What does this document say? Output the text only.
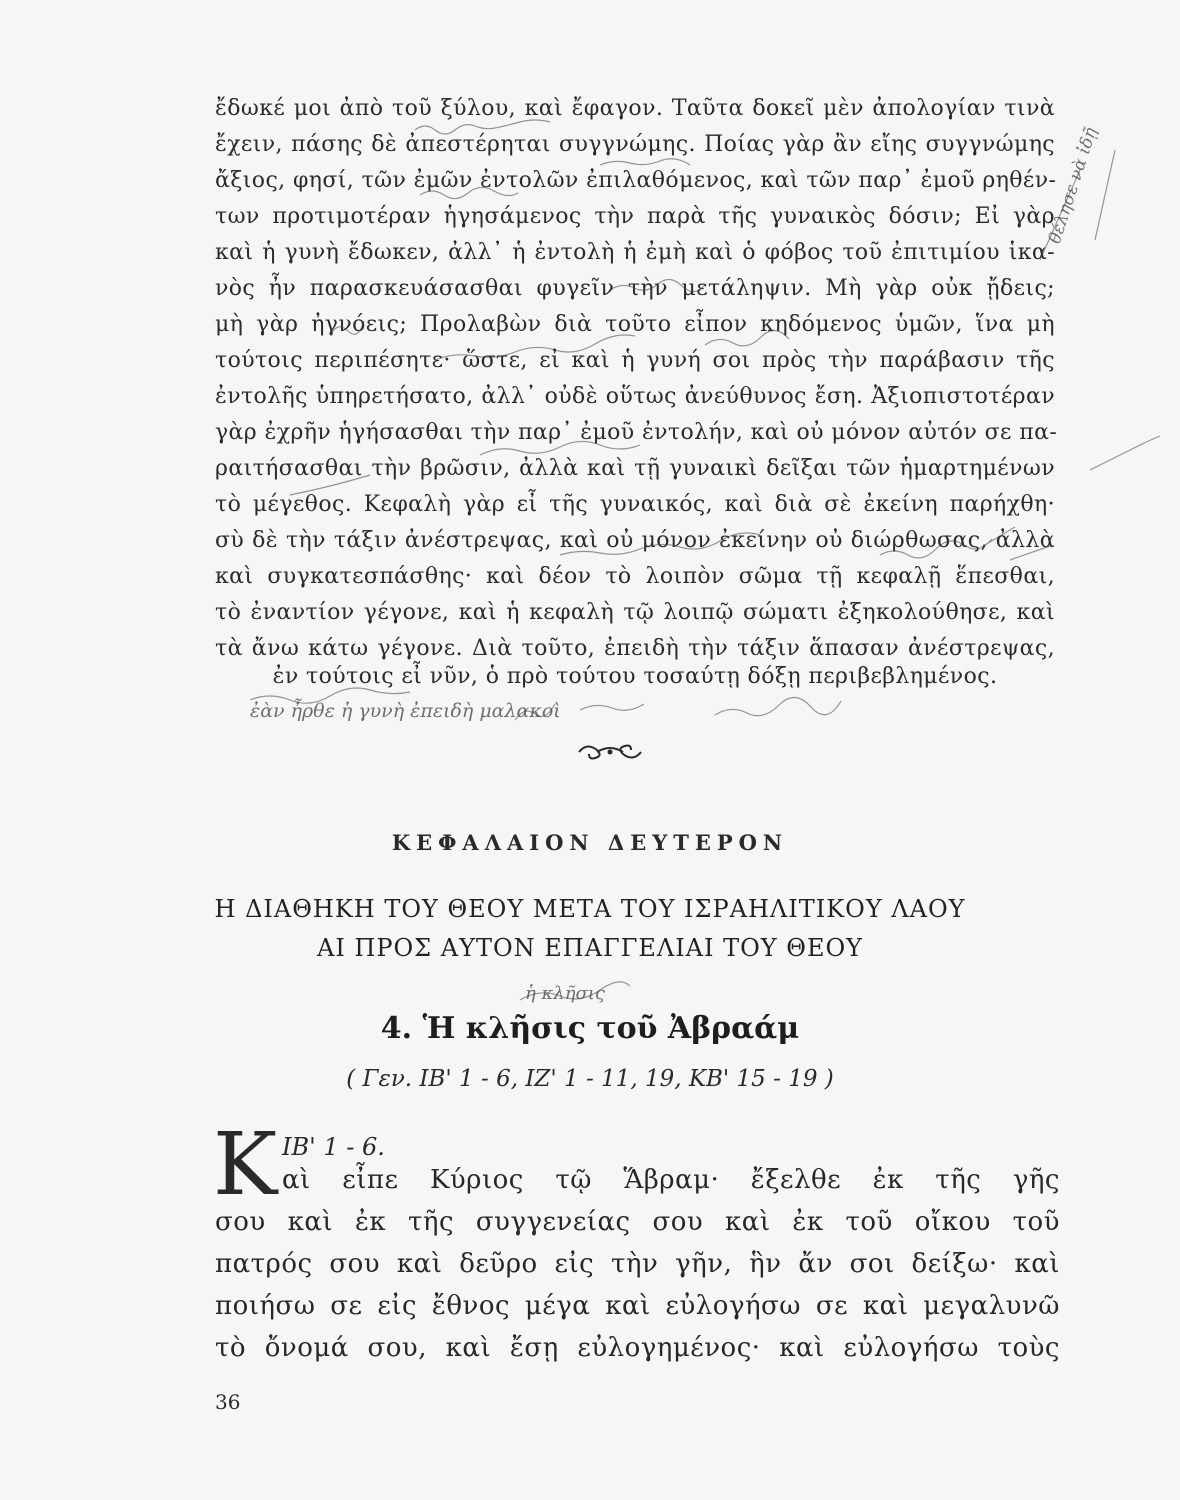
ἔδωκέ μοι ἀπὸ τοῦ ξύλου, καὶ ἔφαγον. Ταῦτα δοκεῖ μὲν ἀπολογίαν τινὰ
ἔχειν, πάσης δὲ ἀπεστέρηται συγγνώμης. Ποίας γὰρ ἂν εἴης συγγνώμης
ἄξιος, φησί, τῶν ἐμῶν ἐντολῶν ἐπιλαθόμενος, καὶ τῶν παρ᾽ ἐμοῦ ρηθέν-
των προτιμοτέραν ἡγησάμενος τὴν παρὰ τῆς γυναικὸς δόσιν; Εἰ γὰρ
καὶ ἡ γυνὴ ἔδωκεν, ἀλλ᾽ ἡ ἐντολὴ ἡ ἐμὴ καὶ ὁ φόβος τοῦ ἐπιτιμίου ἱκα-
νὸς ἦν παρασκευάσασθαι φυγεῖν τὴν μετάληψιν. Μὴ γὰρ οὐκ ᾔδεις;
μὴ γὰρ ἠγνόεις; Προλαβὼν διὰ τοῦτο εἶπον κηδόμενος ὑμῶν, ἵνα μὴ
τούτοις περιπέσητε· ὥστε, εἰ καὶ ἡ γυνή σοι πρὸς τὴν παράβασιν τῆς
ἐντολῆς ὑπηρετήσατο, ἀλλ᾽ οὐδὲ οὕτως ἀνεύθυνος ἔση. Ἀξιοπιστοτέραν
γὰρ ἐχρῆν ἡγήσασθαι τὴν παρ᾽ ἐμοῦ ἐντολήν, καὶ οὐ μόνον αὐτόν σε πα-
ραιτήσασθαι τὴν βρῶσιν, ἀλλὰ καὶ τῇ γυναικὶ δεῖξαι τῶν ἡμαρτημένων
τὸ μέγεθος. Κεφαλὴ γὰρ εἶ τῆς γυναικός, καὶ διὰ σὲ ἐκείνη παρήχθη·
σὺ δὲ τὴν τάξιν ἀνέστρεψας, καὶ οὐ μόνον ἐκείνην οὐ διώρθωσας, ἀλλὰ
καὶ συγκατεσπάσθης· καὶ δέον τὸ λοιπὸν σῶμα τῇ κεφαλῇ ἕπεσθαι,
τὸ ἐναντίον γέγονε, καὶ ἡ κεφαλὴ τῷ λοιπῷ σώματι ἐξηκολούθησε, καὶ
τὰ ἄνω κάτω γέγονε. Διὰ τοῦτο, ἐπειδὴ τὴν τάξιν ἅπασαν ἀνέστρεψας,
ἐν τούτοις εἶ νῦν, ὁ πρὸ τούτου τοσαύτῃ δόξῃ περιβεβλημένος.
θέλησε νὰ ἰδῇ
ἐὰν ἦρθε ἡ γυνὴ ἐπειδὴ μαλακοὶ
ΚΕΦΑΛΑΙΟΝ ΔΕΥΤΕΡΟΝ
Η ΔΙΑΘΗΚΗ ΤΟΥ ΘΕΟΥ ΜΕΤΑ ΤΟΥ ΙΣΡΑΗΛΙΤΙΚΟΥ ΛΑΟΥ
ΑΙ ΠΡΟΣ ΑΥΤΟΝ ΕΠΑΓΓΕΛΙΑΙ ΤΟΥ ΘΕΟΥ
ἡ κλῆσις
4. Ἡ κλῆσις τοῦ Ἀβραάμ
( Γεν. ΙΒ' 1 - 6, ΙΖ' 1 - 11, 19, ΚΒ' 15 - 19 )
Κ ΙΒ' 1 - 6.
αὶ εἶπε Κύριος τῷ Ἅβραμ· ἔξελθε ἐκ τῆς γῆς
σου καὶ ἐκ τῆς συγγενείας σου καὶ ἐκ τοῦ οἴκου τοῦ
πατρός σου καὶ δεῦρο εἰς τὴν γῆν, ἣν ἄν σοι δείξω· καὶ
ποιήσω σε εἰς ἔθνος μέγα καὶ εὐλογήσω σε καὶ μεγαλυνῶ
τὸ ὄνομά σου, καὶ ἔσῃ εὐλογημένος· καὶ εὐλογήσω τοὺς
36
